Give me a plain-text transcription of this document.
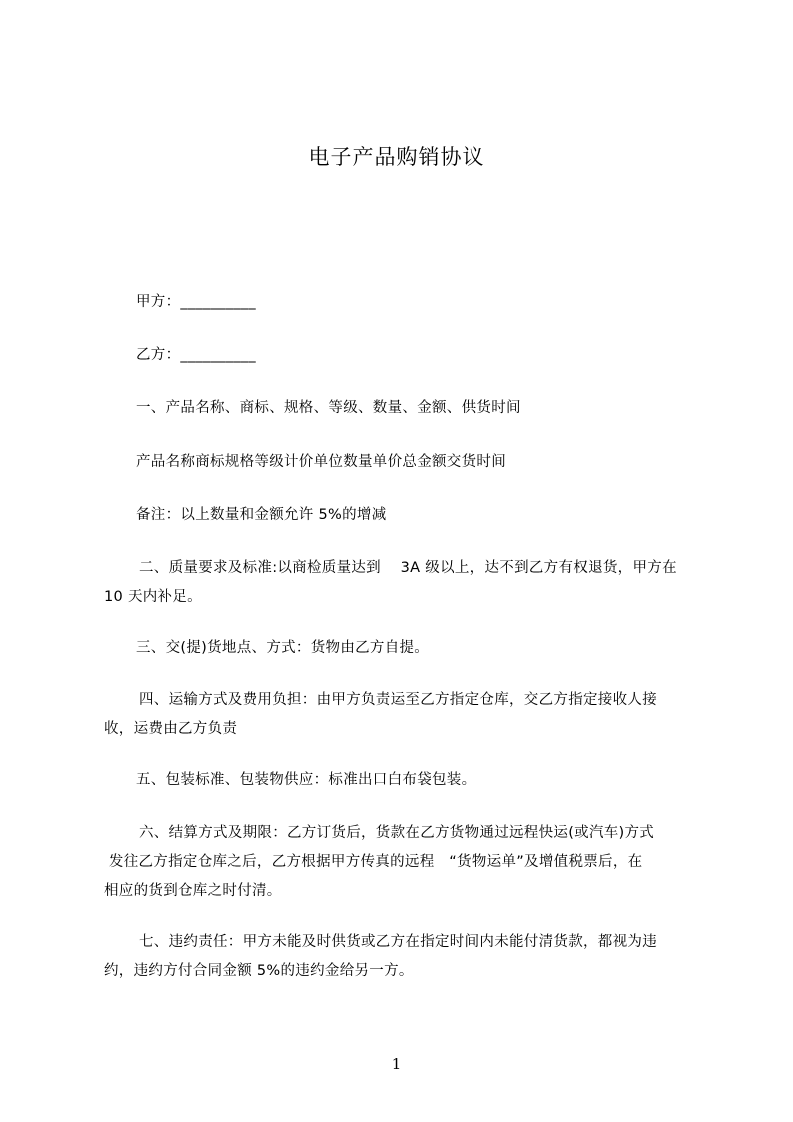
电子产品购销协议
甲方：__________
乙方：__________
一、产品名称、商标、规格、等级、数量、金额、供货时间
产品名称商标规格等级计价单位数量单价总金额交货时间
备注：以上数量和金额允许 5%的增减
二、质量要求及标准:以商检质量达到    3A 级以上，达不到乙方有权退货，甲方在
10 天内补足。
三、交(提)货地点、方式：货物由乙方自提。
四、运输方式及费用负担：由甲方负责运至乙方指定仓库，交乙方指定接收人接
收，运费由乙方负责
五、包装标准、包装物供应：标准出口白布袋包装。
六、结算方式及期限：乙方订货后，货款在乙方货物通过远程快运(或汽车)方式
发往乙方指定仓库之后，乙方根据甲方传真的远程   “货物运单”及增值税票后，在
相应的货到仓库之时付清。
七、违约责任：甲方未能及时供货或乙方在指定时间内未能付清货款，都视为违
约，违约方付合同金额 5%的违约金给另一方。
1
